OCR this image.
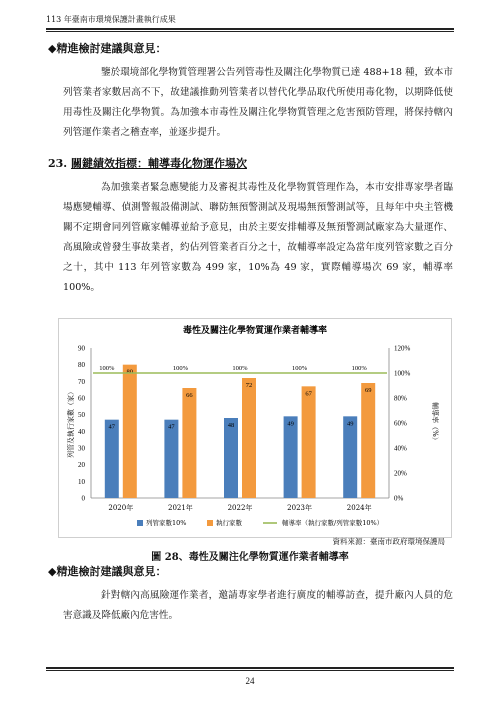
113 年臺南市環境保護計畫執行成果
◆精進檢討建議與意見：
鑒於環境部化學物質管理署公告列管毒性及關注化學物質已達 488+18 種，致本市列管業者家數居高不下，故建議推動列管業者以替代化學品取代所使用毒化物，以期降低使用毒性及關注化學物質。為加強本市毒性及關注化學物質管理之危害預防管理，將保持轄內列管運作業者之稽查率，並逐步提升。
23. 關鍵績效指標：輔導毒化物運作場次
為加強業者緊急應變能力及審視其毒性及化學物質管理作為，本市安排專家學者臨場應變輔導、偵測警報設備測試、聯防無預警測試及現場無預警測試等，且每年中央主管機關不定期會同列管廠家輔導並給予意見，由於主要安排輔導及無預警測試廠家為大量運作、高風險或曾發生事故業者，約佔列管業者百分之十，故輔導率設定為當年度列管家數之百分之十，其中 113 年列管家數為 499 家，10%為 49 家，實際輔導場次 69 家，輔導率 100%。
毒性及關注化學物質運作業者輔導率
0
10
20
30
40
50
60
70
80
90
0%
20%
40%
60%
80%
100%
120%
列管及執行家數（家）	輔導率（%）
2020年	2021年	2022年	2023年	2024年
47	47	48	49	49
80
66
72
67	69
100%	100%	100%	100%	100%
列管家數10%	執行家數	輔導率（執行家數/列管家數10%）
資料來源：臺南市政府環境保護局
圖 28、毒性及關注化學物質運作業者輔導率
◆精進檢討建議與意見：
針對轄內高風險運作業者，邀請專家學者進行廣度的輔導訪查，提升廠內人員的危害意識及降低廠內危害性。
24
